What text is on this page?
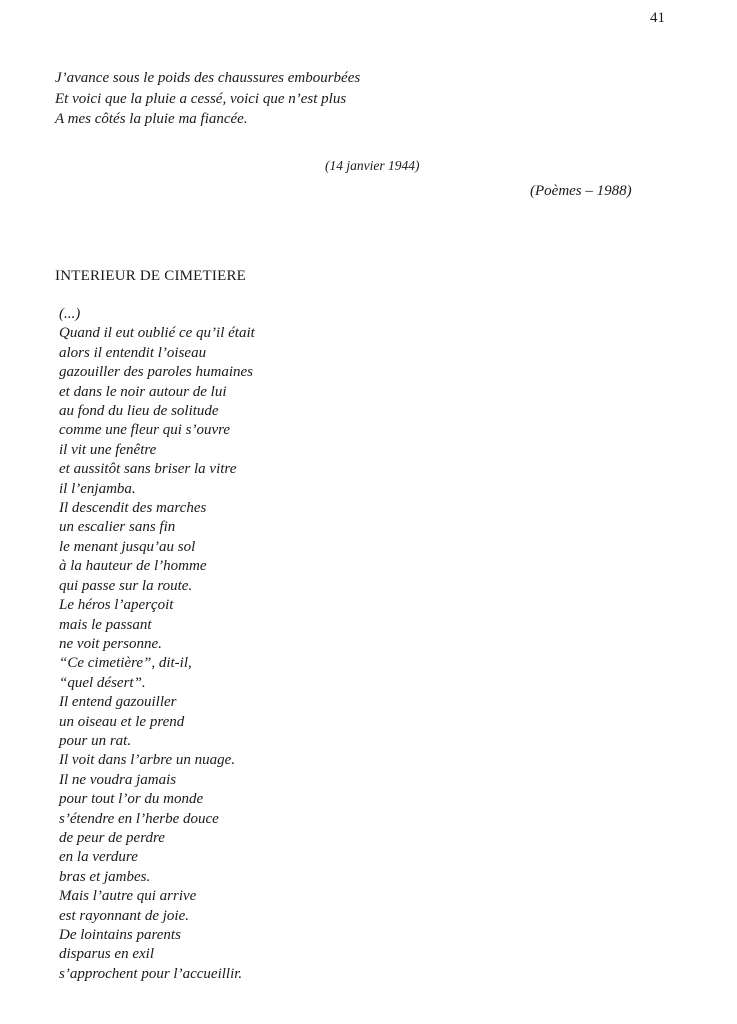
41
J’avance sous le poids des chaussures embourbées
Et voici que la pluie a cessé, voici que n’est plus
A mes côtés la pluie ma fiancée.
(14 janvier 1944)
(Poèmes – 1988)
INTERIEUR DE CIMETIERE
(...)
Quand il eut oublié ce qu’il était
alors il entendit l’oiseau
gazouiller des paroles humaines
et dans le noir autour de lui
au fond du lieu de solitude
comme une fleur qui s’ouvre
il vit une fenêtre
et aussitôt sans briser la vitre
il l’enjamba.
Il descendit des marches
un escalier sans fin
le menant jusqu’au sol
à la hauteur de l’homme
qui passe sur la route.
Le héros l’aperçoit
mais le passant
ne voit personne.
“Ce cimetière”, dit-il,
“quel désert”.
Il entend gazouiller
un oiseau et le prend
pour un rat.
Il voit dans l’arbre un nuage.
Il ne voudra jamais
pour tout l’or du monde
s’étendre en l’herbe douce
de peur de perdre
en la verdure
bras et jambes.
Mais l’autre qui arrive
est rayonnant de joie.
De lointains parents
disparus en exil
s’approchent pour l’accueillir.
